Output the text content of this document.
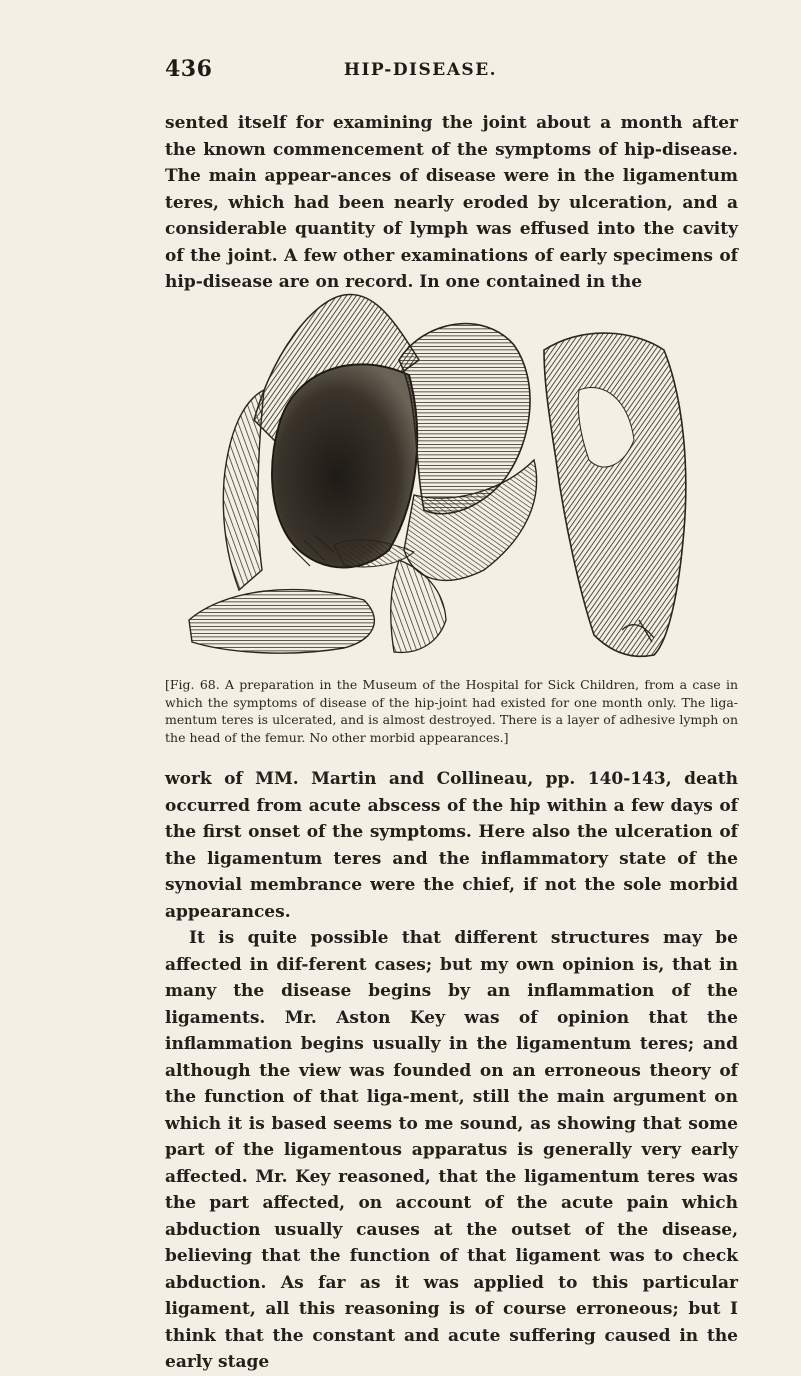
436	HIP-DISEASE.

sented itself for examining the joint about a month after the known commencement of the symptoms of hip-disease. The main appear-ances of disease were in the ligamentum teres, which had been nearly eroded by ulceration, and a considerable quantity of lymph was effused into the cavity of the joint. A few other examinations of early specimens of hip-disease are on record. In one contained in the

[Fig. 68. A preparation in the Museum of the Hospital for Sick Children, from a case in which the symptoms of disease of the hip-joint had existed for one month only. The liga-mentum teres is ulcerated, and is almost destroyed. There is a layer of adhesive lymph on the head of the femur. No other morbid appearances.]

work of MM. Martin and Collineau, pp. 140-143, death occurred from acute abscess of the hip within a few days of the first onset of the symptoms. Here also the ulceration of the ligamentum teres and the inflammatory state of the synovial membrance were the chief, if not the sole morbid appearances.

It is quite possible that different structures may be affected in dif-ferent cases; but my own opinion is, that in many the disease begins by an inflammation of the ligaments. Mr. Aston Key was of opinion that the inflammation begins usually in the ligamentum teres; and although the view was founded on an erroneous theory of the function of that liga-ment, still the main argument on which it is based seems to me sound, as showing that some part of the ligamentous apparatus is generally very early affected. Mr. Key reasoned, that the ligamentum teres was the part affected, on account of the acute pain which abduction usually causes at the outset of the disease, believing that the function of that ligament was to check abduction. As far as it was applied to this particular ligament, all this reasoning is of course erroneous; but I think that the constant and acute suffering caused in the early stage
